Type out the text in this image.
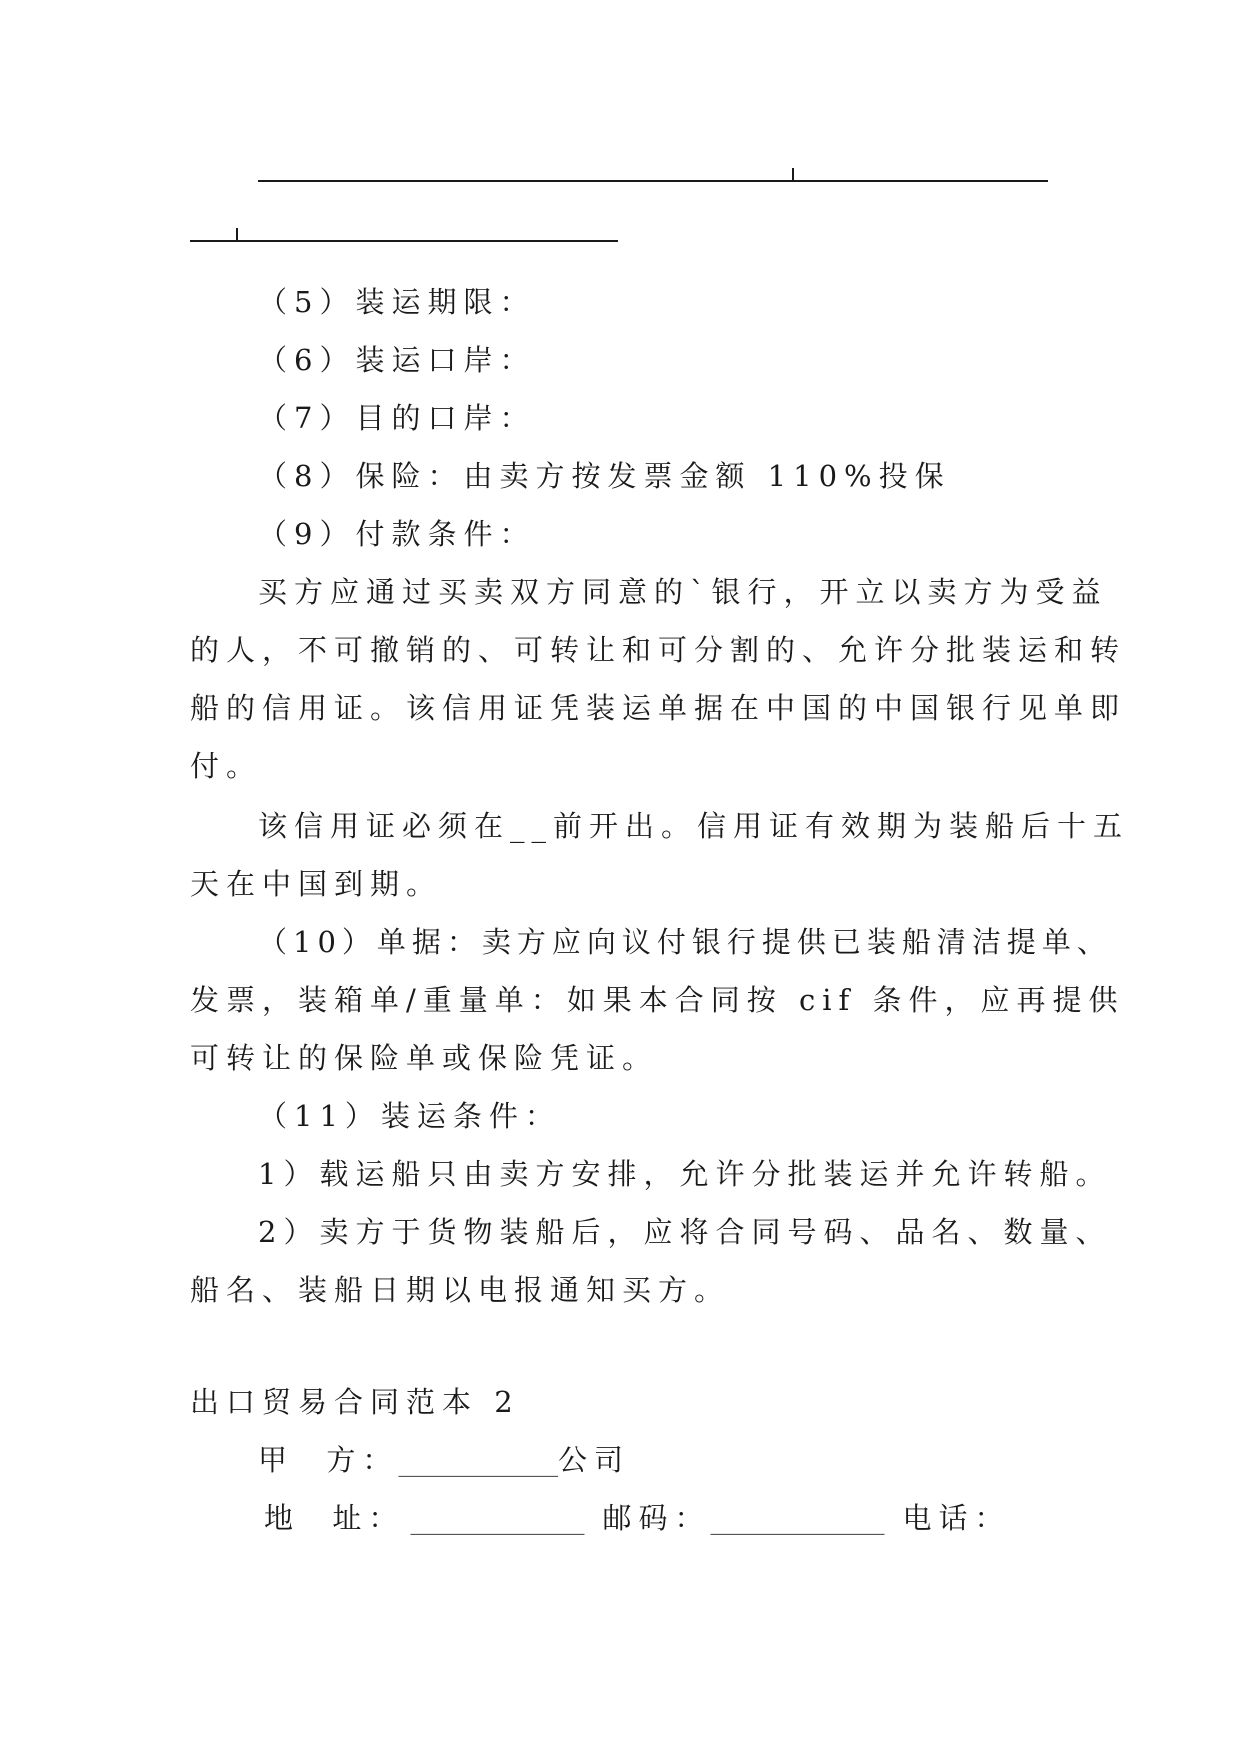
（5）装运期限：
（6）装运口岸：
（7）目的口岸：
（8）保险：由卖方按发票金额 110%投保
（9）付款条件：
买方应通过买卖双方同意的`银行，开立以卖方为受益
的人，不可撤销的、可转让和可分割的、允许分批装运和转
船的信用证。该信用证凭装运单据在中国的中国银行见单即
付。
该信用证必须在__前开出。信用证有效期为装船后十五
天在中国到期。
（10）单据：卖方应向议付银行提供已装船清洁提单、
发票，装箱单/重量单：如果本合同按 cif 条件，应再提供
可转让的保险单或保险凭证。
（11）装运条件：
1）载运船只由卖方安排，允许分批装运并允许转船。
2）卖方于货物装船后，应将合同号码、品名、数量、
船名、装船日期以电报通知买方。
出口贸易合同范本 2
甲  方：___________公司
地  址： ____________ 邮码：____________ 电话：
